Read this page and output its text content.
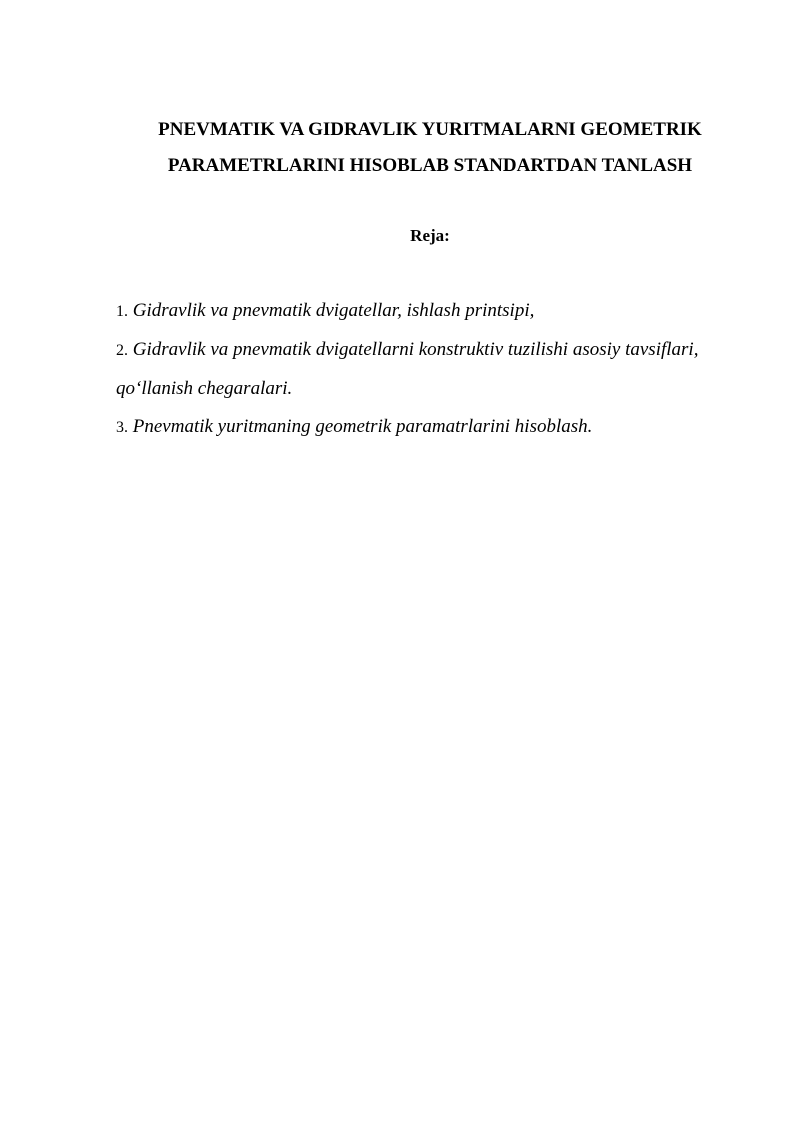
PNEVMATIK VA GIDRAVLIK YURITMALARNI GEOMETRIK
PARAMETRLARINI HISOBLAB STANDARTDAN TANLASH
Reja:
1. Gidravlik va pnevmatik dvigatellar, ishlash printsipi,
2. Gidravlik va pnevmatik dvigatellarni konstruktiv tuzilishi asosiy tavsiflari, qo‘llanish chegaralari.
3. Pnevmatik yuritmaning geometrik paramatrlarini hisoblash.
